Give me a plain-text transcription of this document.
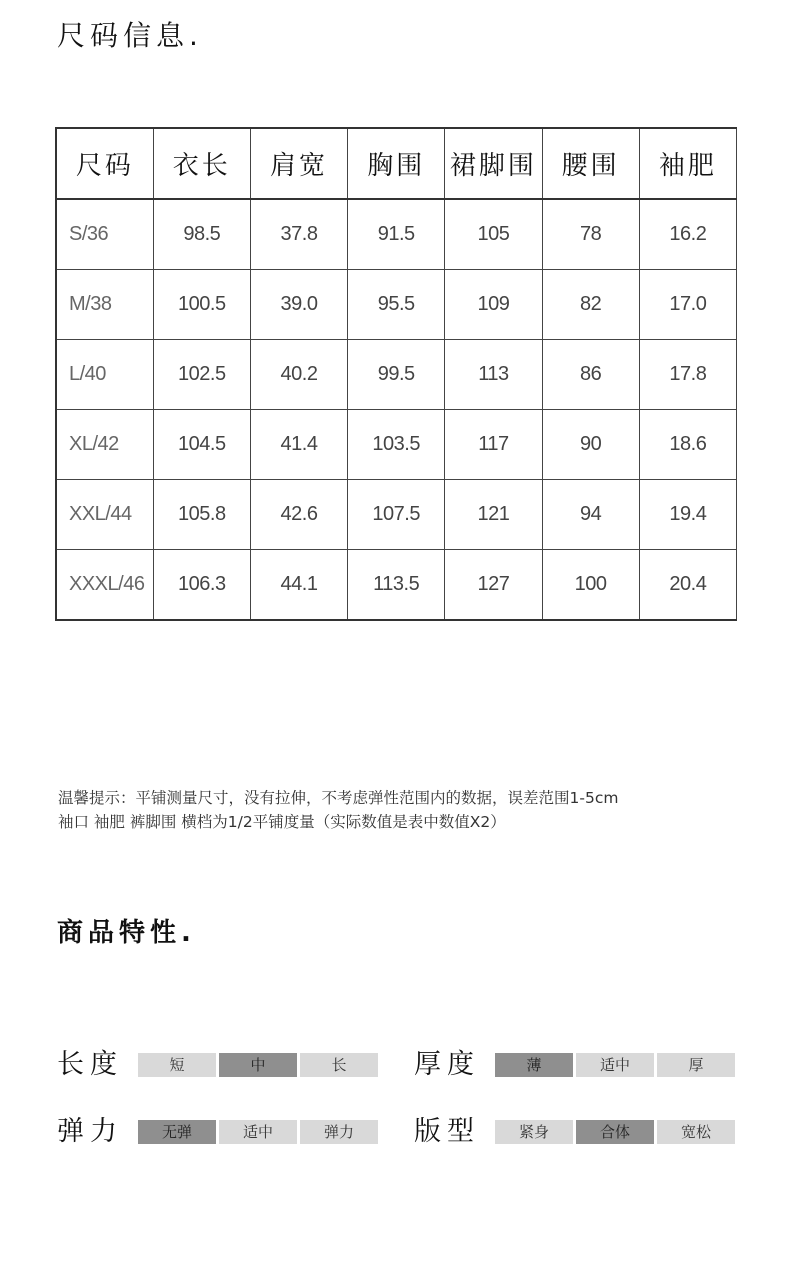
尺码信息.
尺码	衣长	肩宽	胸围	裙脚围	腰围	袖肥
S/36	98.5	37.8	91.5	105	78	16.2
M/38	100.5	39.0	95.5	109	82	17.0
L/40	102.5	40.2	99.5	113	86	17.8
XL/42	104.5	41.4	103.5	117	90	18.6
XXL/44	105.8	42.6	107.5	121	94	19.4
XXXL/46	106.3	44.1	113.5	127	100	20.4
温馨提示：平铺测量尺寸，没有拉伸，不考虑弹性范围内的数据，误差范围1-5cm
袖口 袖肥 裤脚围 横档为1/2平铺度量（实际数值是表中数值X2）
商品特性.
长度	短	中	长	厚度	薄	适中	厚
弹力	无弹	适中	弹力	版型	紧身	合体	宽松
